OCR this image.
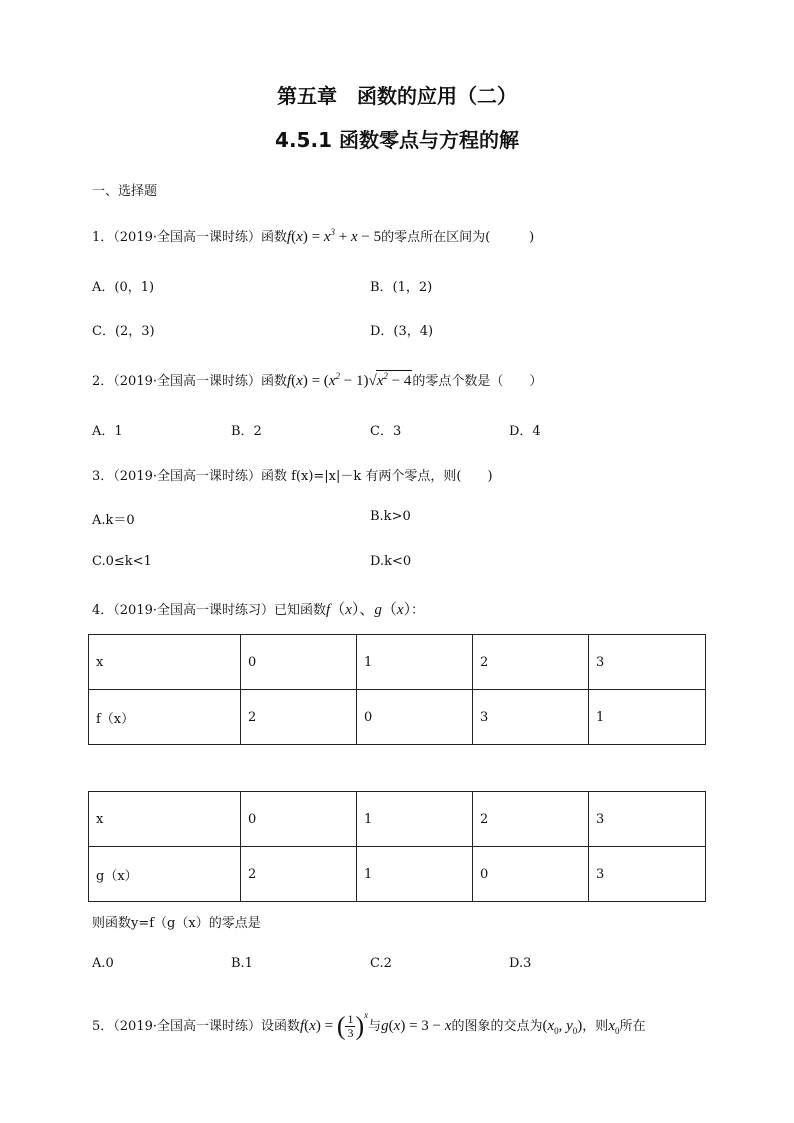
第五章　函数的应用（二）
4.5.1 函数零点与方程的解
一、选择题
1．（2019·全国高一课时练）函数$f(x) = x^3 + x - 5$的零点所在区间为(　　　)
A．(0，1)	B．(1，2)
C．(2，3)	D．(3，4)
2．（2019·全国高一课时练）函数$f(x) = (x^2 - 1)√x^2 - 4$的零点个数是（　　）
A．1	B．2	C．3	D．4
3．（2019·全国高一课时练）函数 f(x)=|x|－k 有两个零点，则(　　)
A.k＝0	B.k>0
C.0≤k<1	D.k<0
4．（2019·全国高一课时练习）已知函数f（x）、g（x）：
x	0	1	2	3
f（x）	2	0	3	1
x	0	1	2	3
g（x）	2	1	0	3
则函数y=f（g（x）的零点是
A.0	B.1	C.2	D.3
5．（2019·全国高一课时练）设函数f(x) = ( $\frac{1}{3} )^x$与g(x) = 3 − x的图象的交点为($x_0$, $y_0$)，则$x_0$所在
